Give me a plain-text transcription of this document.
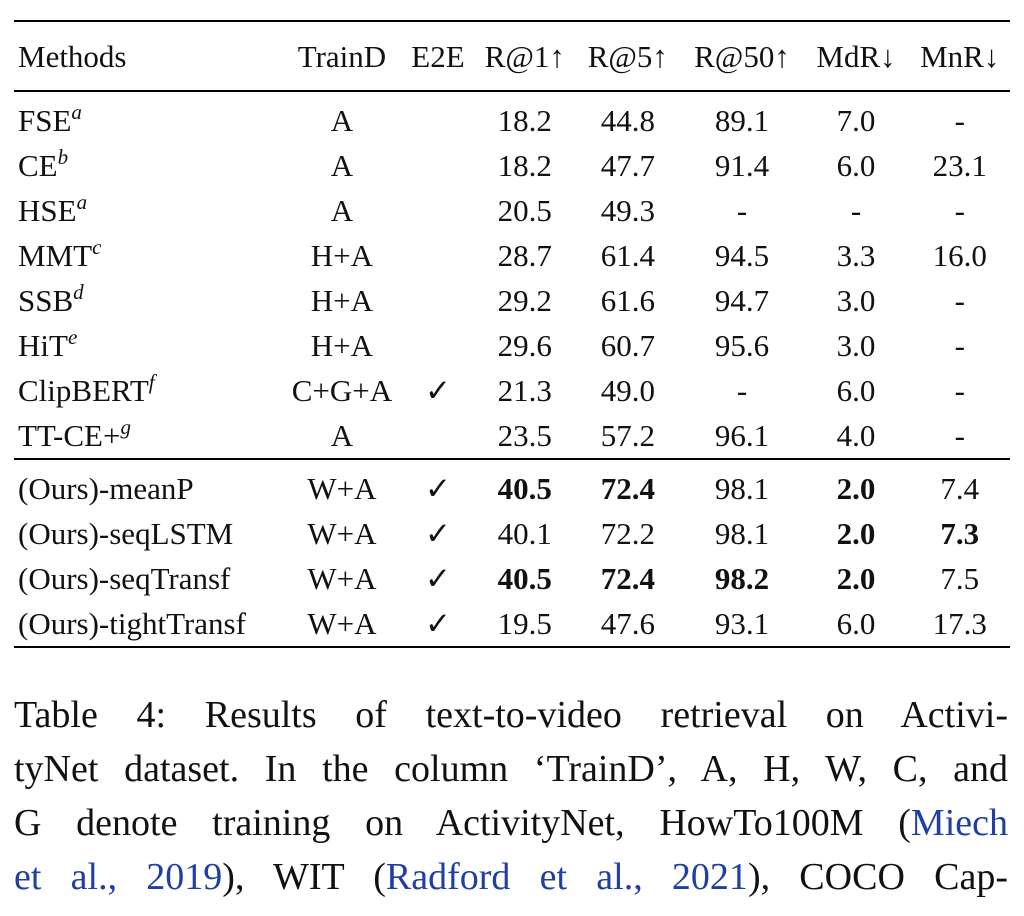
Methods	TrainD	E2E	R@1↑	R@5↑	R@50↑	MdR↓	MnR↓
FSE$^a$	A		18.2	44.8	89.1	7.0	-
$CE^b$	A		18.2	47.7	91.4	6.0	23.1
HSE$^a$	A		20.5	49.3	-	-	-
MMT$^c$	H+A		28.7	61.4	94.5	3.3	16.0
SSB$^d$	H+A		29.2	61.6	94.7	3.0	-
HiT$^e$	H+A		29.6	60.7	95.6	3.0	-
ClipBERT$^f$	C+G+A	✓	21.3	49.0	-	6.0	-
TT-CE+$^g$	A		23.5	57.2	96.1	4.0	-
(Ours)-meanP	W+A	✓	40.5	72.4	98.1	2.0	7.4
(Ours)-seqLSTM	W+A	✓	40.1	72.2	98.1	2.0	7.3
(Ours)-seqTransf	W+A	✓	40.5	72.4	98.2	2.0	7.5
(Ours)-tightTransf	W+A	✓	19.5	47.6	93.1	6.0	17.3
Table 4: Results of text-to-video retrieval on Activi-
tyNet dataset. In the column ‘TrainD’, A, H, W, C, and
G denote training on ActivityNet, HowTo100M (Miech
et al., 2019), WIT (Radford et al., 2021), COCO Cap-
